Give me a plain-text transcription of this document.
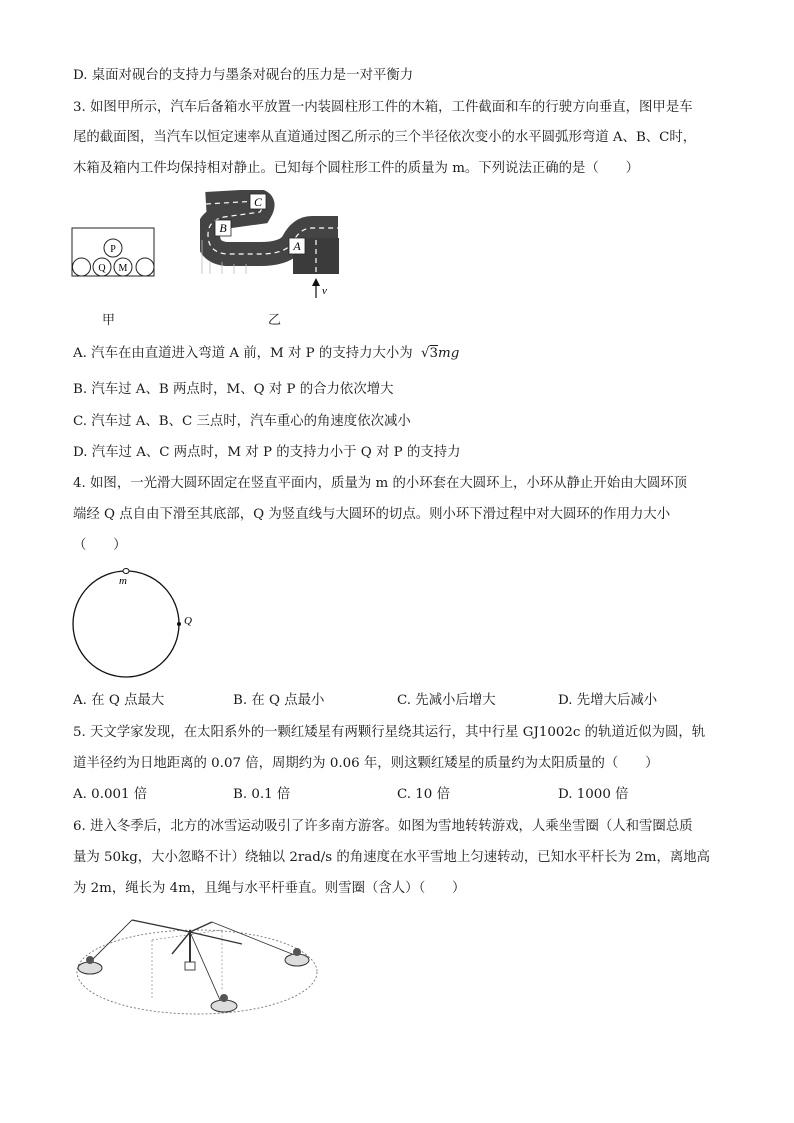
D. 桌面对砚台的支持力与墨条对砚台的压力是一对平衡力
3. 如图甲所示，汽车后备箱水平放置一内装圆柱形工件的木箱，工件截面和车的行驶方向垂直，图甲是车
尾的截面图，当汽车以恒定速率从直道通过图乙所示的三个半径依次变小的水平圆弧形弯道 A、B、C时，
木箱及箱内工件均保持相对静止。已知每个圆柱形工件的质量为 m。下列说法正确的是（　　）
P
Q M
甲
C
B
A
v
乙
A. 汽车在由直道进入弯道 A 前，M 对 P 的支持力大小为 √3mg
B. 汽车过 A、B 两点时，M、Q 对 P 的合力依次增大
C. 汽车过 A、B、C 三点时，汽车重心的角速度依次减小
D. 汽车过 A、C 两点时，M 对 P 的支持力小于 Q 对 P 的支持力
4. 如图，一光滑大圆环固定在竖直平面内，质量为 m 的小环套在大圆环上，小环从静止开始由大圆环顶
端经 Q 点自由下滑至其底部，Q 为竖直线与大圆环的切点。则小环下滑过程中对大圆环的作用力大小
（　　）
m
Q
A. 在 Q 点最大	B. 在 Q 点最小	C. 先减小后增大	D. 先增大后减小
5. 天文学家发现，在太阳系外的一颗红矮星有两颗行星绕其运行，其中行星 GJ1002c 的轨道近似为圆，轨
道半径约为日地距离的 0.07 倍，周期约为 0.06 年，则这颗红矮星的质量约为太阳质量的（　　）
A. 0.001 倍	B. 0.1 倍	C. 10 倍	D. 1000 倍
6. 进入冬季后，北方的冰雪运动吸引了许多南方游客。如图为雪地转转游戏，人乘坐雪圈（人和雪圈总质
量为 50kg，大小忽略不计）绕轴以 2rad/s 的角速度在水平雪地上匀速转动，已知水平杆长为 2m，离地高
为 2m，绳长为 4m，且绳与水平杆垂直。则雪圈（含人）（　　）
